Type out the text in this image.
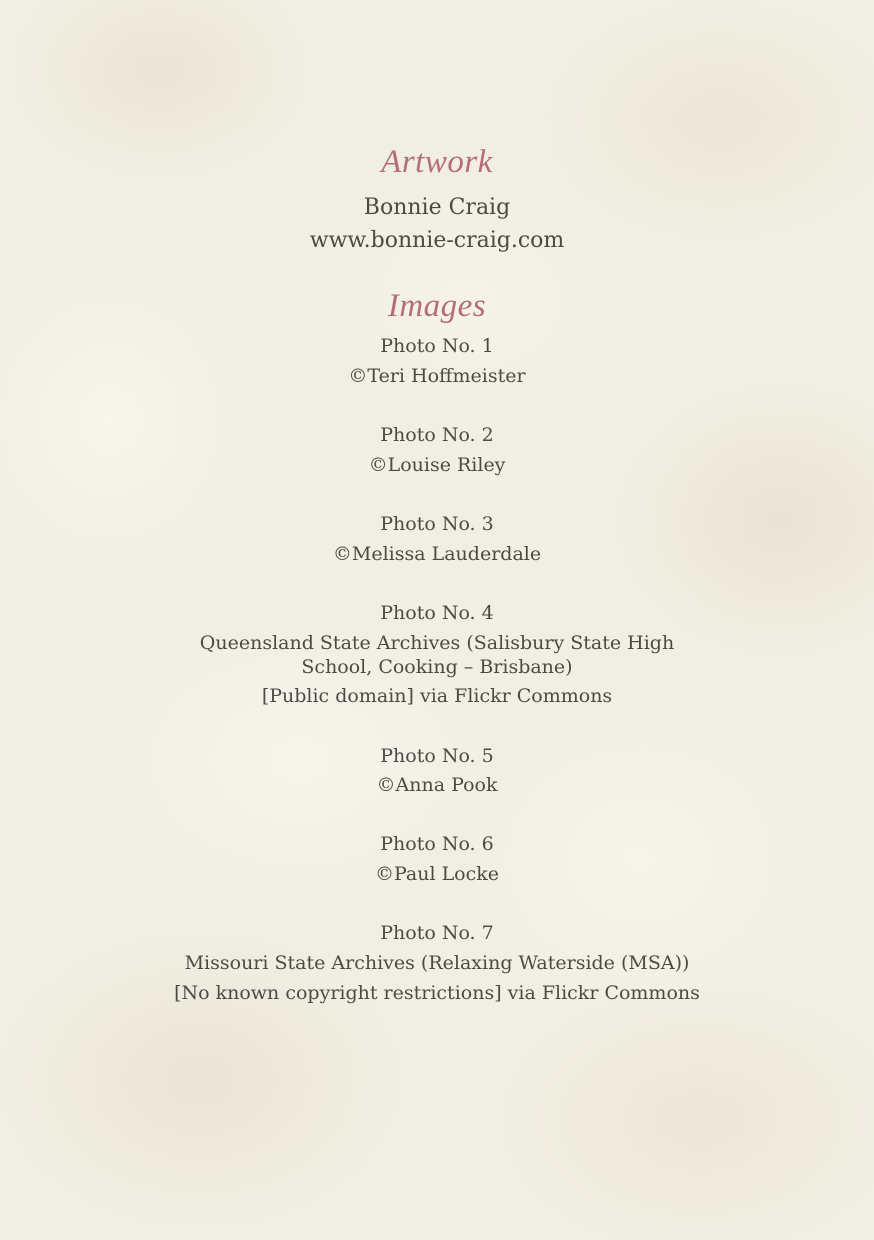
Artwork
Bonnie Craig
www.bonnie-craig.com
Images
Photo No. 1
©Teri Hoffmeister
Photo No. 2
©Louise Riley
Photo No. 3
©Melissa Lauderdale
Photo No. 4
Queensland State Archives (Salisbury State High
School, Cooking – Brisbane)
[Public domain] via Flickr Commons
Photo No. 5
©Anna Pook
Photo No. 6
©Paul Locke
Photo No. 7
Missouri State Archives (Relaxing Waterside (MSA))
[No known copyright restrictions] via Flickr Commons
